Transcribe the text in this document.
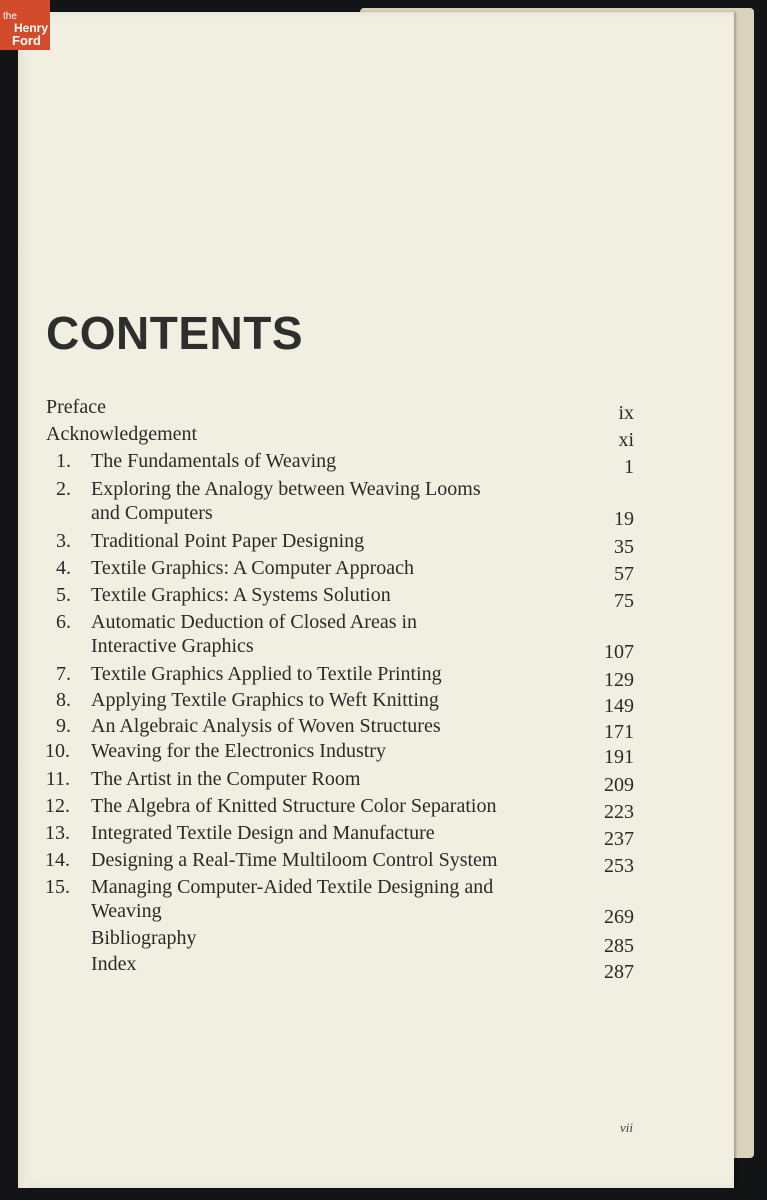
CONTENTS
Preface	ix
Acknowledgement	xi
1. The Fundamentals of Weaving	1
2. Exploring the Analogy between Weaving Looms
and Computers	19
3. Traditional Point Paper Designing	35
4. Textile Graphics: A Computer Approach	57
5. Textile Graphics: A Systems Solution	75
6. Automatic Deduction of Closed Areas in
Interactive Graphics	107
7. Textile Graphics Applied to Textile Printing	129
8. Applying Textile Graphics to Weft Knitting	149
9. An Algebraic Analysis of Woven Structures	171
10. Weaving for the Electronics Industry	191
11. The Artist in the Computer Room	209
12. The Algebra of Knitted Structure Color Separation	223
13. Integrated Textile Design and Manufacture	237
14. Designing a Real-Time Multiloom Control System	253
15. Managing Computer-Aided Textile Designing and
Weaving	269
Bibliography	285
Index	287
vii
the
Henry
Ford
